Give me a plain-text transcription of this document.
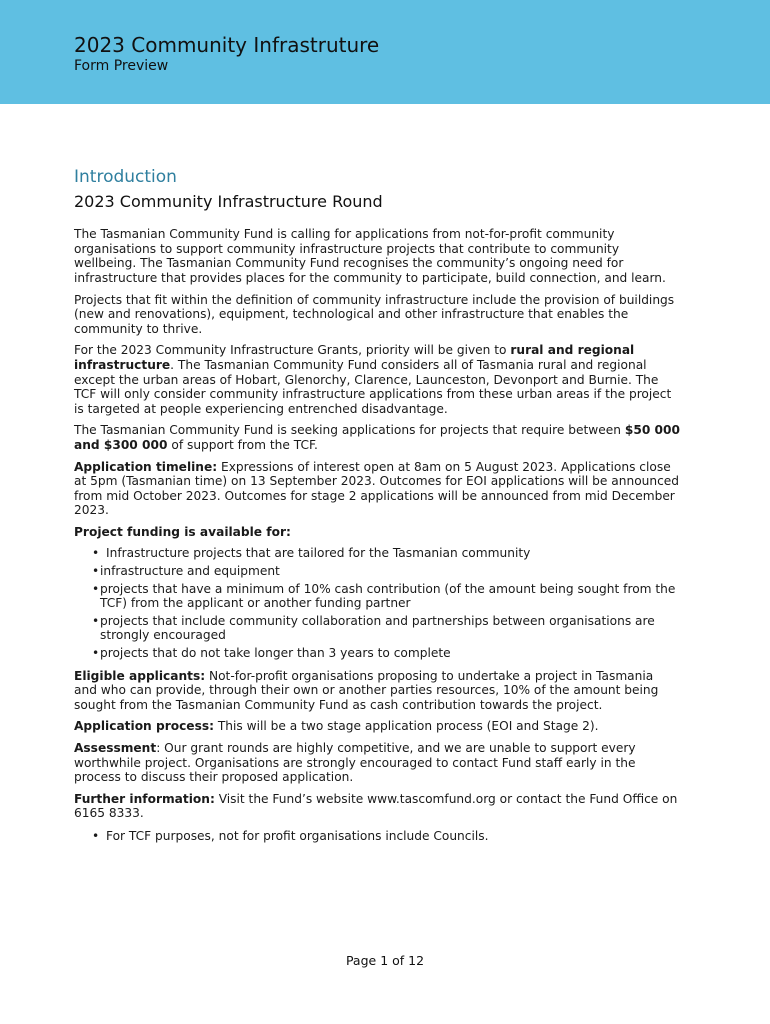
2023 Community Infrastruture
Form Preview
Introduction
2023 Community Infrastructure Round

The Tasmanian Community Fund is calling for applications from not-for-profit community organisations to support community infrastructure projects that contribute to community wellbeing. The Tasmanian Community Fund recognises the community’s ongoing need for infrastructure that provides places for the community to participate, build connection, and learn.

Projects that fit within the definition of community infrastructure include the provision of buildings (new and renovations), equipment, technological and other infrastructure that enables the community to thrive.

For the 2023 Community Infrastructure Grants, priority will be given to rural and regional infrastructure. The Tasmanian Community Fund considers all of Tasmania rural and regional except the urban areas of Hobart, Glenorchy, Clarence, Launceston, Devonport and Burnie. The TCF will only consider community infrastructure applications from these urban areas if the project is targeted at people experiencing entrenched disadvantage.

The Tasmanian Community Fund is seeking applications for projects that require between $50 000 and $300 000 of support from the TCF.

Application timeline: Expressions of interest open at 8am on 5 August 2023. Applications close at 5pm (Tasmanian time) on 13 September 2023. Outcomes for EOI applications will be announced from mid October 2023. Outcomes for stage 2 applications will be announced from mid December 2023.

Project funding is available for:

• Infrastructure projects that are tailored for the Tasmanian community
• infrastructure and equipment
• projects that have a minimum of 10% cash contribution (of the amount being sought from the TCF) from the applicant or another funding partner
• projects that include community collaboration and partnerships between organisations are strongly encouraged
• projects that do not take longer than 3 years to complete

Eligible applicants: Not-for-profit organisations proposing to undertake a project in Tasmania and who can provide, through their own or another parties resources, 10% of the amount being sought from the Tasmanian Community Fund as cash contribution towards the project.

Application process: This will be a two stage application process (EOI and Stage 2).

Assessment: Our grant rounds are highly competitive, and we are unable to support every worthwhile project. Organisations are strongly encouraged to contact Fund staff early in the process to discuss their proposed application.

Further information: Visit the Fund’s website www.tascomfund.org or contact the Fund Office on 6165 8333.

• For TCF purposes, not for profit organisations include Councils.
Page 1 of 12
